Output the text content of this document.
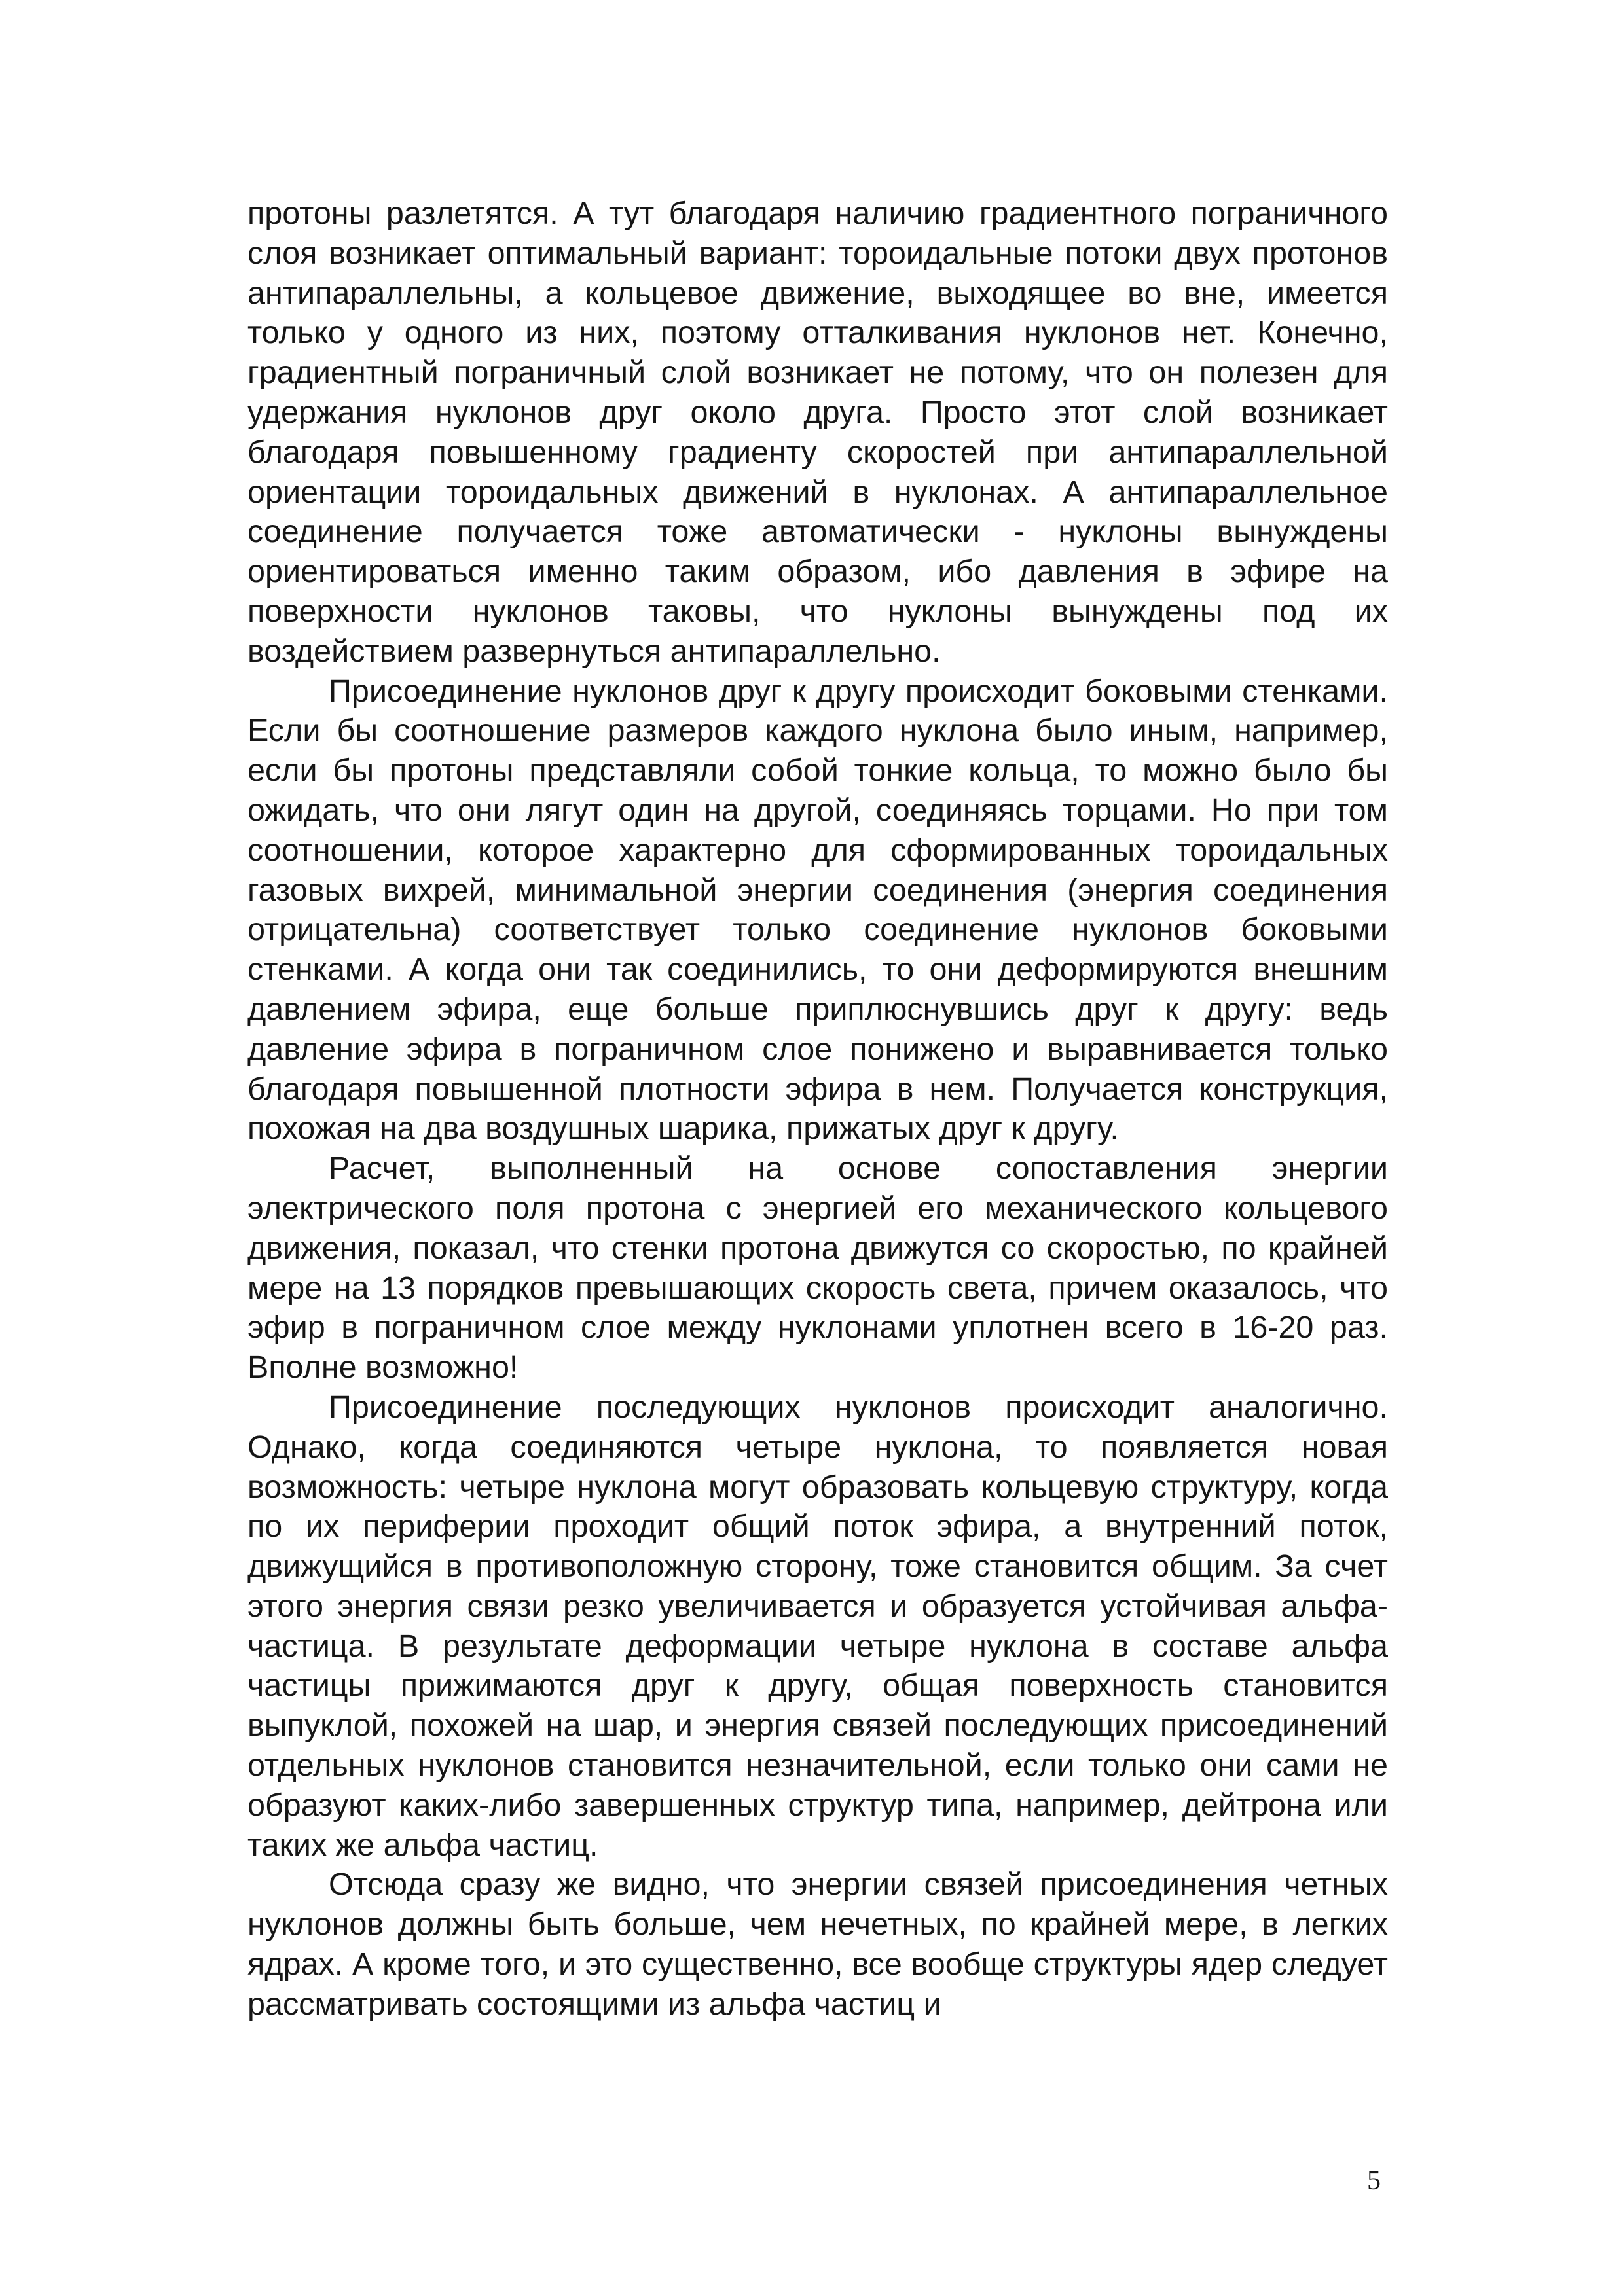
протоны разлетятся. А тут благодаря наличию градиентного пограничного слоя возникает оптимальный вариант: тороидальные потоки двух протонов антипараллельны, а кольцевое движение, выходящее во вне, имеется только у одного из них, поэтому отталкивания нуклонов нет. Конечно, градиентный пограничный слой возникает не потому, что он полезен для удержания нуклонов друг около друга. Просто этот слой возникает благодаря повышенному градиенту скоростей при антипараллельной ориентации тороидальных движений в нуклонах. А антипараллельное соединение получается тоже автоматически - нуклоны вынуждены ориентироваться именно таким образом, ибо давления в эфире на поверхности нуклонов таковы, что нуклоны вынуждены под их воздействием развернуться антипараллельно.

Присоединение нуклонов друг к другу происходит боковыми стенками. Если бы соотношение размеров каждого нуклона было иным, например, если бы протоны представляли собой тонкие кольца, то можно было бы ожидать, что они лягут один на другой, соединяясь торцами. Но при том соотношении, которое характерно для сформированных тороидальных газовых вихрей, минимальной энергии соединения (энергия соединения отрицательна) соответствует только соединение нуклонов боковыми стенками. А когда они так соединились, то они деформируются внешним давлением эфира, еще больше приплюснувшись друг к другу: ведь давление эфира в пограничном слое понижено и выравнивается только благодаря повышенной плотности эфира в нем. Получается конструкция, похожая на два воздушных шарика, прижатых друг к другу.

Расчет, выполненный на основе сопоставления энергии электрического поля протона с энергией его механического кольцевого движения, показал, что стенки протона движутся со скоростью, по крайней мере на 13 порядков превышающих скорость света, причем оказалось, что эфир в пограничном слое между нуклонами уплотнен всего в 16-20 раз. Вполне возможно!

Присоединение последующих нуклонов происходит аналогично. Однако, когда соединяются четыре нуклона, то появляется новая возможность: четыре нуклона могут образовать кольцевую структуру, когда по их периферии проходит общий поток эфира, а внутренний поток, движущийся в противоположную сторону, тоже становится общим. За счет этого энергия связи резко увеличивается и образуется устойчивая альфа-частица. В результате деформации четыре нуклона в составе альфа частицы прижимаются друг к другу, общая поверхность становится выпуклой, похожей на шар, и энергия связей последующих присоединений отдельных нуклонов становится незначительной, если только они сами не образуют каких-либо завершенных структур типа, например, дейтрона или таких же альфа частиц.

Отсюда сразу же видно, что энергии связей присоединения четных нуклонов должны быть больше, чем нечетных, по крайней мере, в легких ядрах. А кроме того, и это существенно, все вообще структуры ядер следует рассматривать состоящими из альфа частиц и

5
